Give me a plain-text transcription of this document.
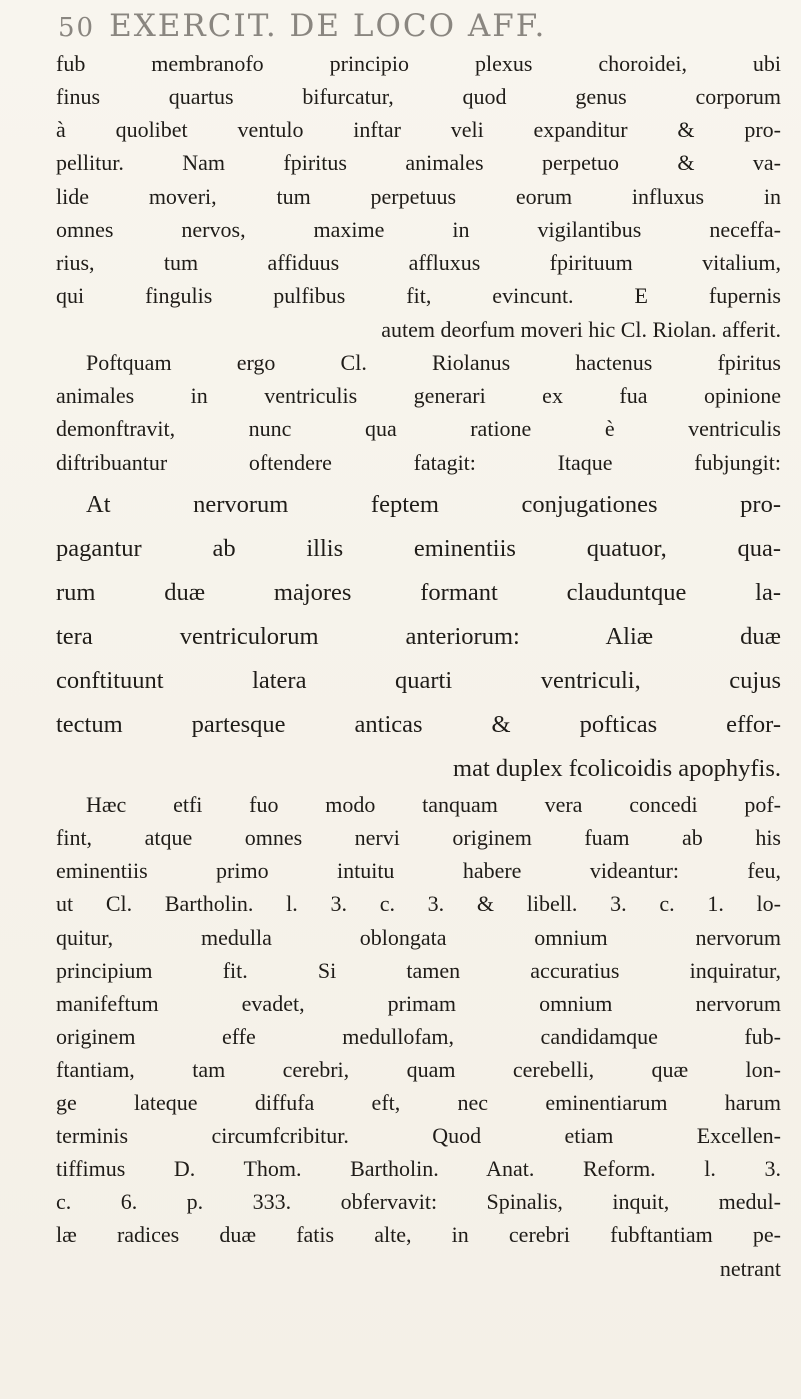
50 EXERCIT. DE LOCO AFF.
fub membranofo principio plexus choroidei, ubi
finus quartus bifurcatur, quod genus corporum
à quolibet ventulo inftar veli expanditur & pro-
pellitur. Nam fpiritus animales perpetuo & va-
lide moveri, tum perpetuus eorum influxus in
omnes nervos, maxime in vigilantibus neceffa-
rius, tum affiduus affluxus fpirituum vitalium,
qui fingulis pulfibus fit, evincunt. E fupernis
autem deorfum moveri hic Cl. Riolan. afferit.
Poftquam ergo Cl. Riolanus hactenus fpiritus
animales in ventriculis generari ex fua opinione
demonftravit, nunc qua ratione è ventriculis
diftribuantur oftendere fatagit: Itaque fubjungit:
At nervorum feptem conjugationes pro-
pagantur ab illis eminentiis quatuor, qua-
rum duæ majores formant clauduntque la-
tera ventriculorum anteriorum: Aliæ duæ
conftituunt latera quarti ventriculi, cujus
tectum partesque anticas & pofticas effor-
mat duplex fcolicoidis apophyfis.
Hæc etfi fuo modo tanquam vera concedi pof-
fint, atque omnes nervi originem fuam ab his
eminentiis primo intuitu habere videantur: feu,
ut Cl. Bartholin. l. 3. c. 3. & libell. 3. c. 1. lo-
quitur, medulla oblongata omnium nervorum
principium fit. Si tamen accuratius inquiratur,
manifeftum evadet, primam omnium nervorum
originem effe medullofam, candidamque fub-
ftantiam, tam cerebri, quam cerebelli, quæ lon-
ge lateque diffufa eft, nec eminentiarum harum
terminis circumfcribitur. Quod etiam Excellen-
tiffimus D. Thom. Bartholin. Anat. Reform. l. 3.
c. 6. p. 333. obfervavit: Spinalis, inquit, medul-
læ radices duæ fatis alte, in cerebri fubftantiam pe-
netrant
